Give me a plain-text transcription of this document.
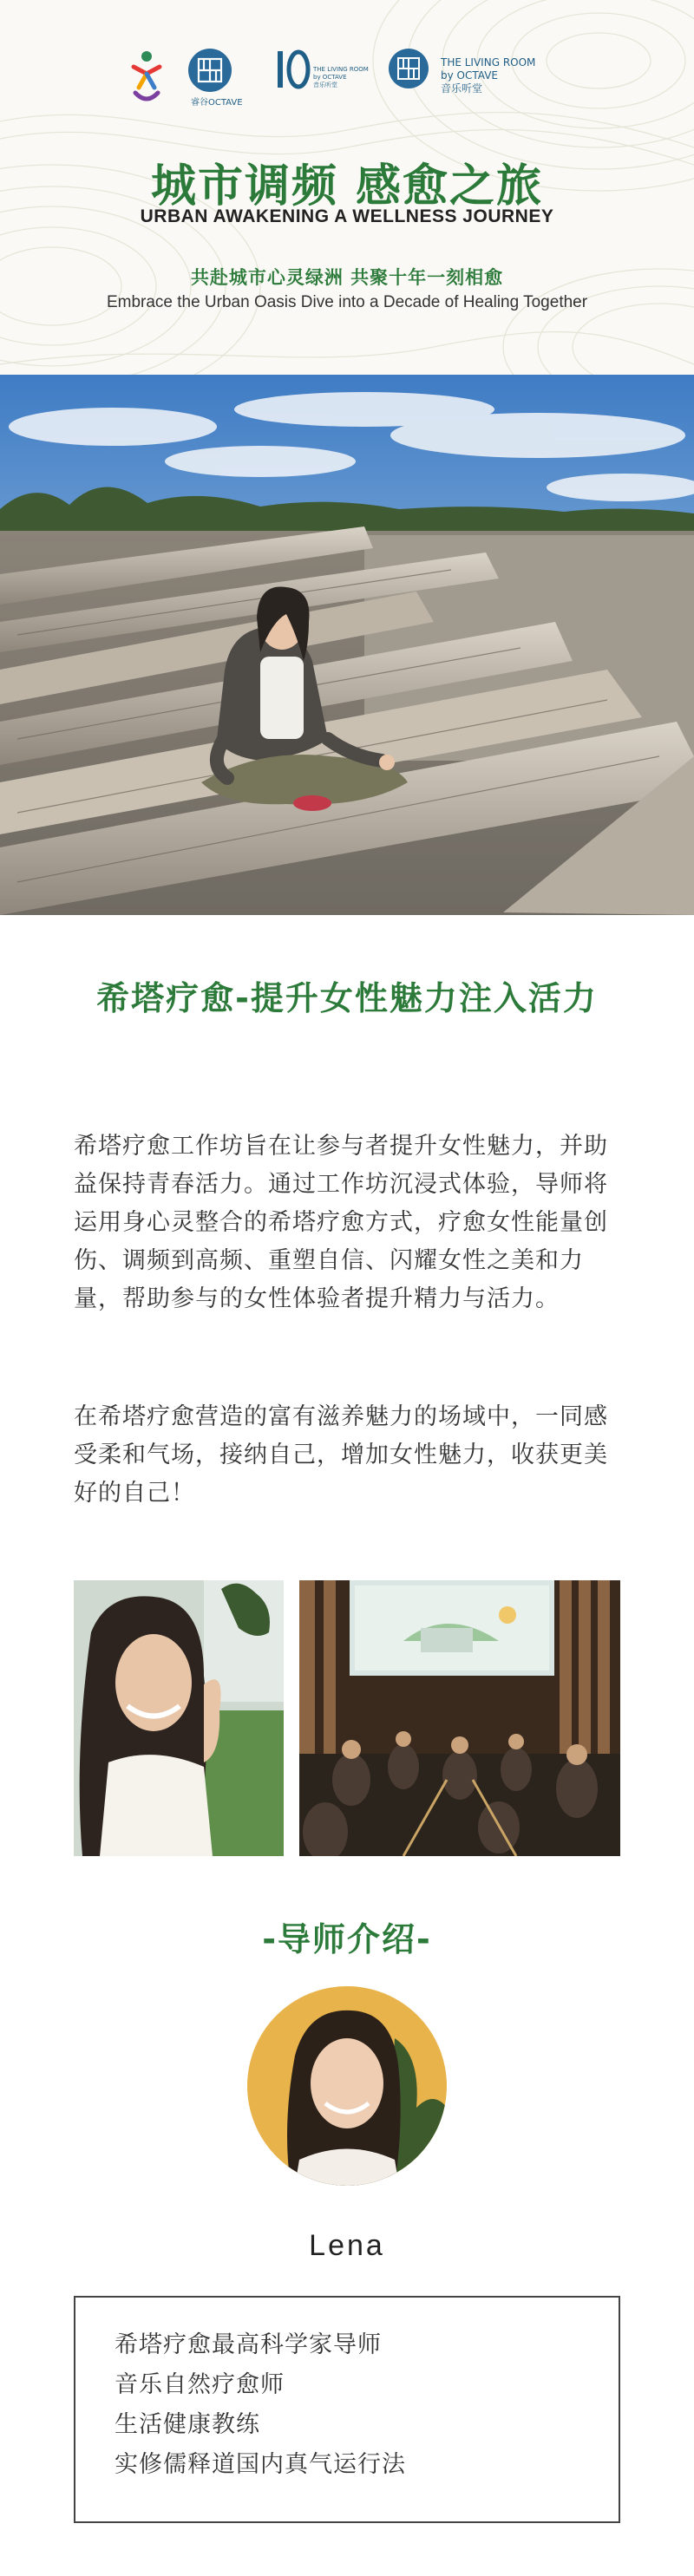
睿谷OCTAVE
THE LIVING ROOM
by OCTAVE
音乐听堂
THE LIVING ROOM
by OCTAVE
音乐听堂
城市调频 感愈之旅
URBAN AWAKENING A WELLNESS JOURNEY
共赴城市心灵绿洲 共聚十年一刻相愈
Embrace the Urban Oasis Dive into a Decade of Healing Together
希塔疗愈-提升女性魅力注入活力
希塔疗愈工作坊旨在让参与者提升女性魅力，并助益保持青春活力。通过工作坊沉浸式体验，导师将运用身心灵整合的希塔疗愈方式，疗愈女性能量创伤、调频到高频、重塑自信、闪耀女性之美和力量，帮助参与的女性体验者提升精力与活力。
在希塔疗愈营造的富有滋养魅力的场域中，一同感受柔和气场，接纳自己，增加女性魅力，收获更美好的自己！
-导师介绍-
Lena
希塔疗愈最高科学家导师
音乐自然疗愈师
生活健康教练
实修儒释道国内真气运行法
